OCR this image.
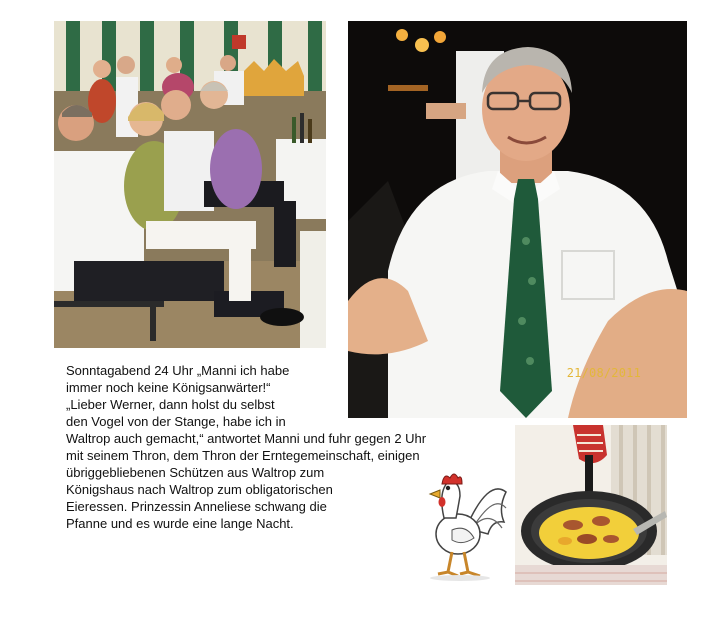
21/08/2011
Sonntagabend 24 Uhr „Manni ich habe
immer noch keine Königsanwärter!“
„Lieber Werner, dann holst du selbst
den Vogel von der Stange, habe ich in
Waltrop auch gemacht,“ antwortet Manni und fuhr gegen 2 Uhr
mit seinem Thron, dem Thron der Erntegemeinschaft, einigen
übriggebliebenen Schützen aus Waltrop zum
Königshaus nach Waltrop zum obligatorischen
Eieressen. Prinzessin Anneliese schwang die
Pfanne und es wurde eine lange Nacht.
